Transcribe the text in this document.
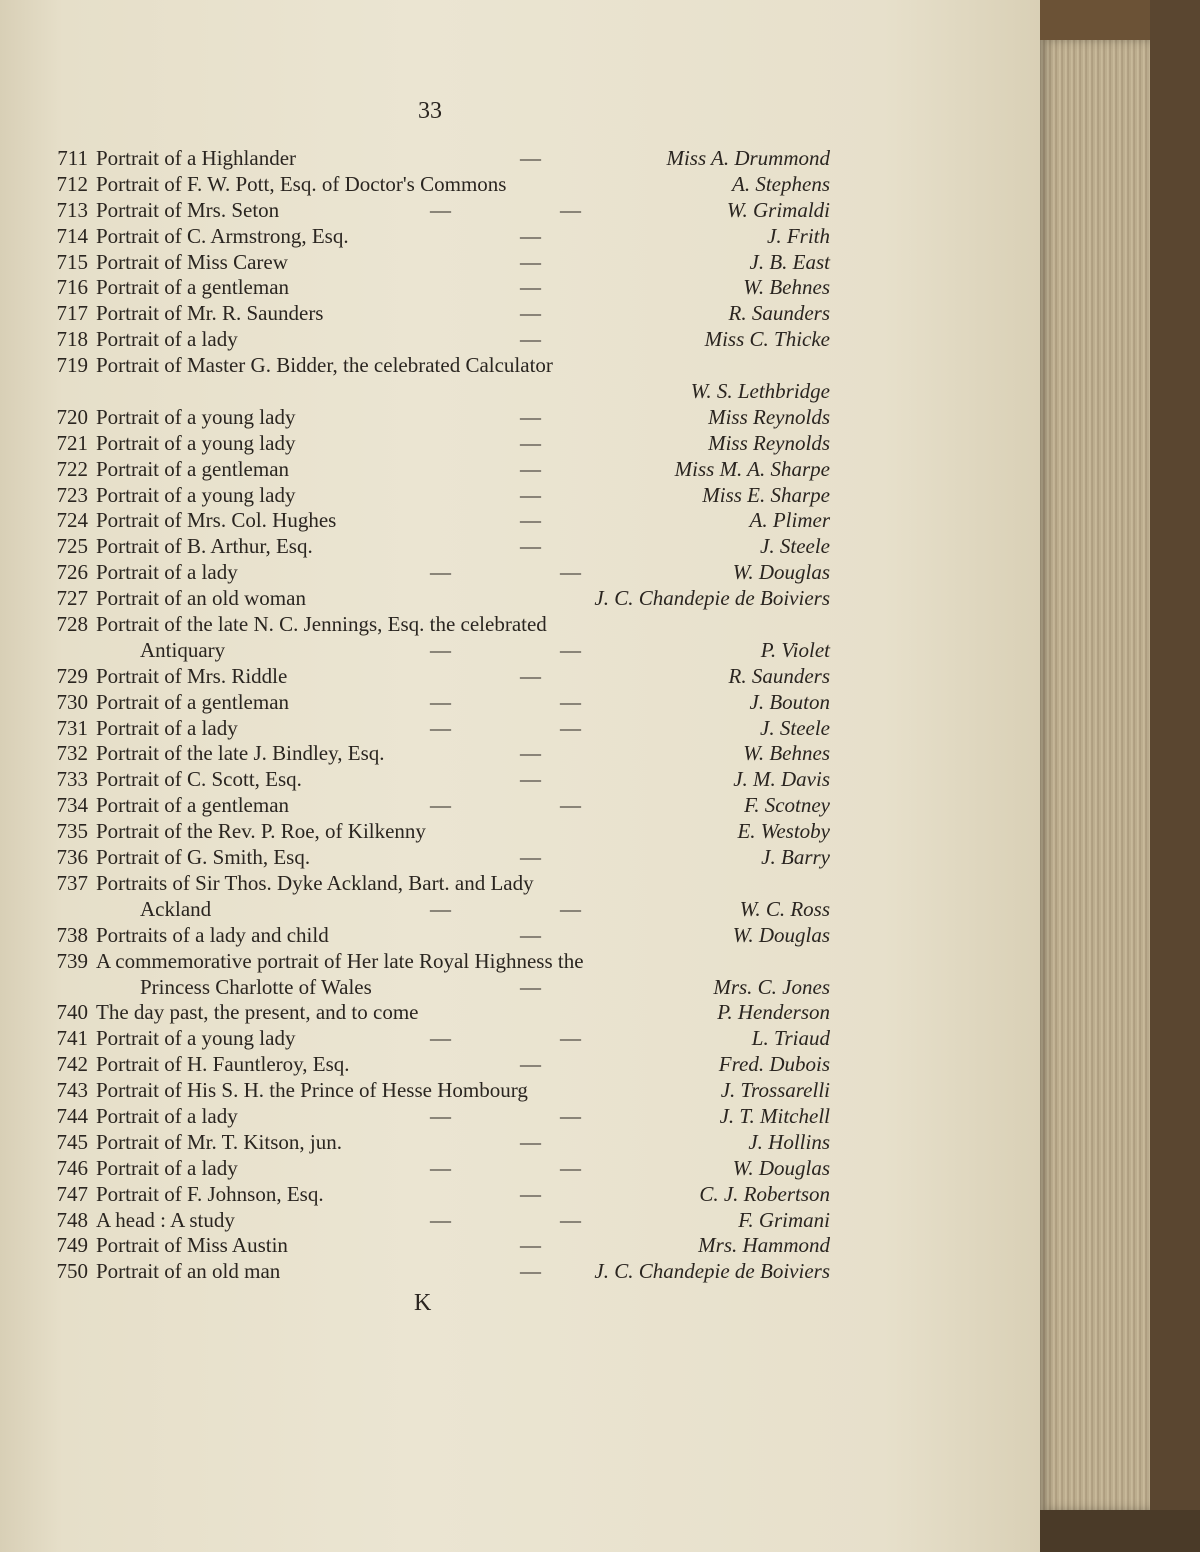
33
711 Portrait of a Highlander	—	Miss A. Drummond
712 Portrait of F. W. Pott, Esq. of Doctor's Commons	A. Stephens
713 Portrait of Mrs. Seton	—	—	W. Grimaldi
714 Portrait of C. Armstrong, Esq.	—	J. Frith
715 Portrait of Miss Carew	—	J. B. East
716 Portrait of a gentleman	—	W. Behnes
717 Portrait of Mr. R. Saunders	—	R. Saunders
718 Portrait of a lady	—	Miss C. Thicke
719 Portrait of Master G. Bidder, the celebrated Calculator
W. S. Lethbridge
720 Portrait of a young lady	—	Miss Reynolds
721 Portrait of a young lady	—	Miss Reynolds
722 Portrait of a gentleman	—	Miss M. A. Sharpe
723 Portrait of a young lady	—	Miss E. Sharpe
724 Portrait of Mrs. Col. Hughes	—	A. Plimer
725 Portrait of B. Arthur, Esq.	—	J. Steele
726 Portrait of a lady	—	—	W. Douglas
727 Portrait of an old woman	J. C. Chandepie de Boiviers
728 Portrait of the late N. C. Jennings, Esq. the celebrated
Antiquary	—	—	P. Violet
729 Portrait of Mrs. Riddle	—	R. Saunders
730 Portrait of a gentleman	—	—	J. Bouton
731 Portrait of a lady	—	—	J. Steele
732 Portrait of the late J. Bindley, Esq.	—	W. Behnes
733 Portrait of C. Scott, Esq.	—	J. M. Davis
734 Portrait of a gentleman	—	—	F. Scotney
735 Portrait of the Rev. P. Roe, of Kilkenny	E. Westoby
736 Portrait of G. Smith, Esq.	—	J. Barry
737 Portraits of Sir Thos. Dyke Ackland, Bart. and Lady
Ackland	—	—	W. C. Ross
738 Portraits of a lady and child	—	W. Douglas
739 A commemorative portrait of Her late Royal Highness the
Princess Charlotte of Wales	—	Mrs. C. Jones
740 The day past, the present, and to come	P. Henderson
741 Portrait of a young lady	—	—	L. Triaud
742 Portrait of H. Fauntleroy, Esq.	—	Fred. Dubois
743 Portrait of His S. H. the Prince of Hesse Hombourg	J. Trossarelli
744 Portrait of a lady	—	—	J. T. Mitchell
745 Portrait of Mr. T. Kitson, jun.	—	J. Hollins
746 Portrait of a lady	—	—	W. Douglas
747 Portrait of F. Johnson, Esq.	—	C. J. Robertson
748 A head : A study	—	—	F. Grimani
749 Portrait of Miss Austin	—	Mrs. Hammond
750 Portrait of an old man	—	J. C. Chandepie de Boiviers
K
